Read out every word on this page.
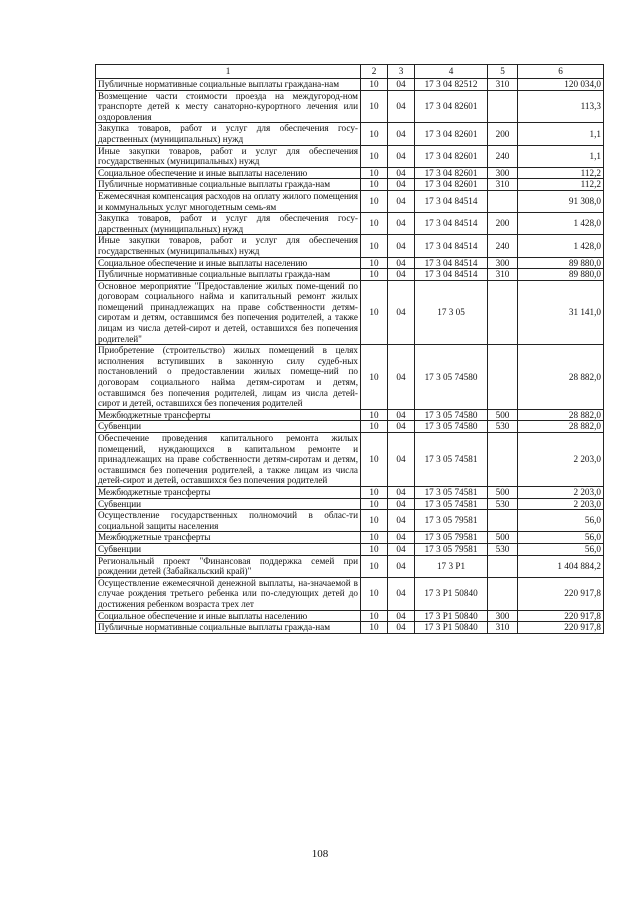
1	2	3	4	5	6
Публичные нормативные социальные выплаты граждана-нам	10	04	17 3 04 82512	310	120 034,0
Возмещение части стоимости проезда на междугород-ном транспорте детей к месту санаторно-курортного лечения или оздоровления	10	04	17 3 04 82601		113,3
Закупка товаров, работ и услуг для обеспечения госу-дарственных (муниципальных) нужд	10	04	17 3 04 82601	200	1,1
Иные закупки товаров, работ и услуг для обеспечения государственных (муниципальных) нужд	10	04	17 3 04 82601	240	1,1
Социальное обеспечение и иные выплаты населению	10	04	17 3 04 82601	300	112,2
Публичные нормативные социальные выплаты гражда-нам	10	04	17 3 04 82601	310	112,2
Ежемесячная компенсация расходов на оплату жилого помещения и коммунальных услуг многодетным семь-ям	10	04	17 3 04 84514		91 308,0
Закупка товаров, работ и услуг для обеспечения госу-дарственных (муниципальных) нужд	10	04	17 3 04 84514	200	1 428,0
Иные закупки товаров, работ и услуг для обеспечения государственных (муниципальных) нужд	10	04	17 3 04 84514	240	1 428,0
Социальное обеспечение и иные выплаты населению	10	04	17 3 04 84514	300	89 880,0
Публичные нормативные социальные выплаты гражда-нам	10	04	17 3 04 84514	310	89 880,0
Основное мероприятие "Предоставление жилых поме-щений по договорам социального найма и капитальный ремонт жилых помещений принадлежащих на праве собственности детям-сиротам и детям, оставшимся без попечения родителей, а также лицам из числа детей-сирот и детей, оставшихся без попечения родителей"	10	04	17 3 05		31 141,0
Приобретение (строительство) жилых помещений в целях исполнения вступивших в законную силу судеб-ных постановлений о предоставлении жилых помеще-ний по договорам социального найма детям-сиротам и детям, оставшимся без попечения родителей, лицам из числа детей-сирот и детей, оставшихся без попечения родителей	10	04	17 3 05 74580		28 882,0
Межбюджетные трансферты	10	04	17 3 05 74580	500	28 882,0
Субвенции	10	04	17 3 05 74580	530	28 882,0
Обеспечение проведения капитального ремонта жилых помещений, нуждающихся в капитальном ремонте и принадлежащих на праве собственности детям-сиротам и детям, оставшимся без попечения родителей, а также лицам из числа детей-сирот и детей, оставшихся без попечения родителей	10	04	17 3 05 74581		2 203,0
Межбюджетные трансферты	10	04	17 3 05 74581	500	2 203,0
Субвенции	10	04	17 3 05 74581	530	2 203,0
Осуществление государственных полномочий в облас-ти социальной защиты населения	10	04	17 3 05 79581		56,0
Межбюджетные трансферты	10	04	17 3 05 79581	500	56,0
Субвенции	10	04	17 3 05 79581	530	56,0
Региональный проект "Финансовая поддержка семей при рождении детей (Забайкальский край)"	10	04	17 3 P1		1 404 884,2
Осуществление ежемесячной денежной выплаты, на-значаемой в случае рождения третьего ребенка или по-следующих детей до достижения ребенком возраста трех лет	10	04	17 3 P1 50840		220 917,8
Социальное обеспечение и иные выплаты населению	10	04	17 3 P1 50840	300	220 917,8
Публичные нормативные социальные выплаты гражда-нам	10	04	17 3 P1 50840	310	220 917,8
108
